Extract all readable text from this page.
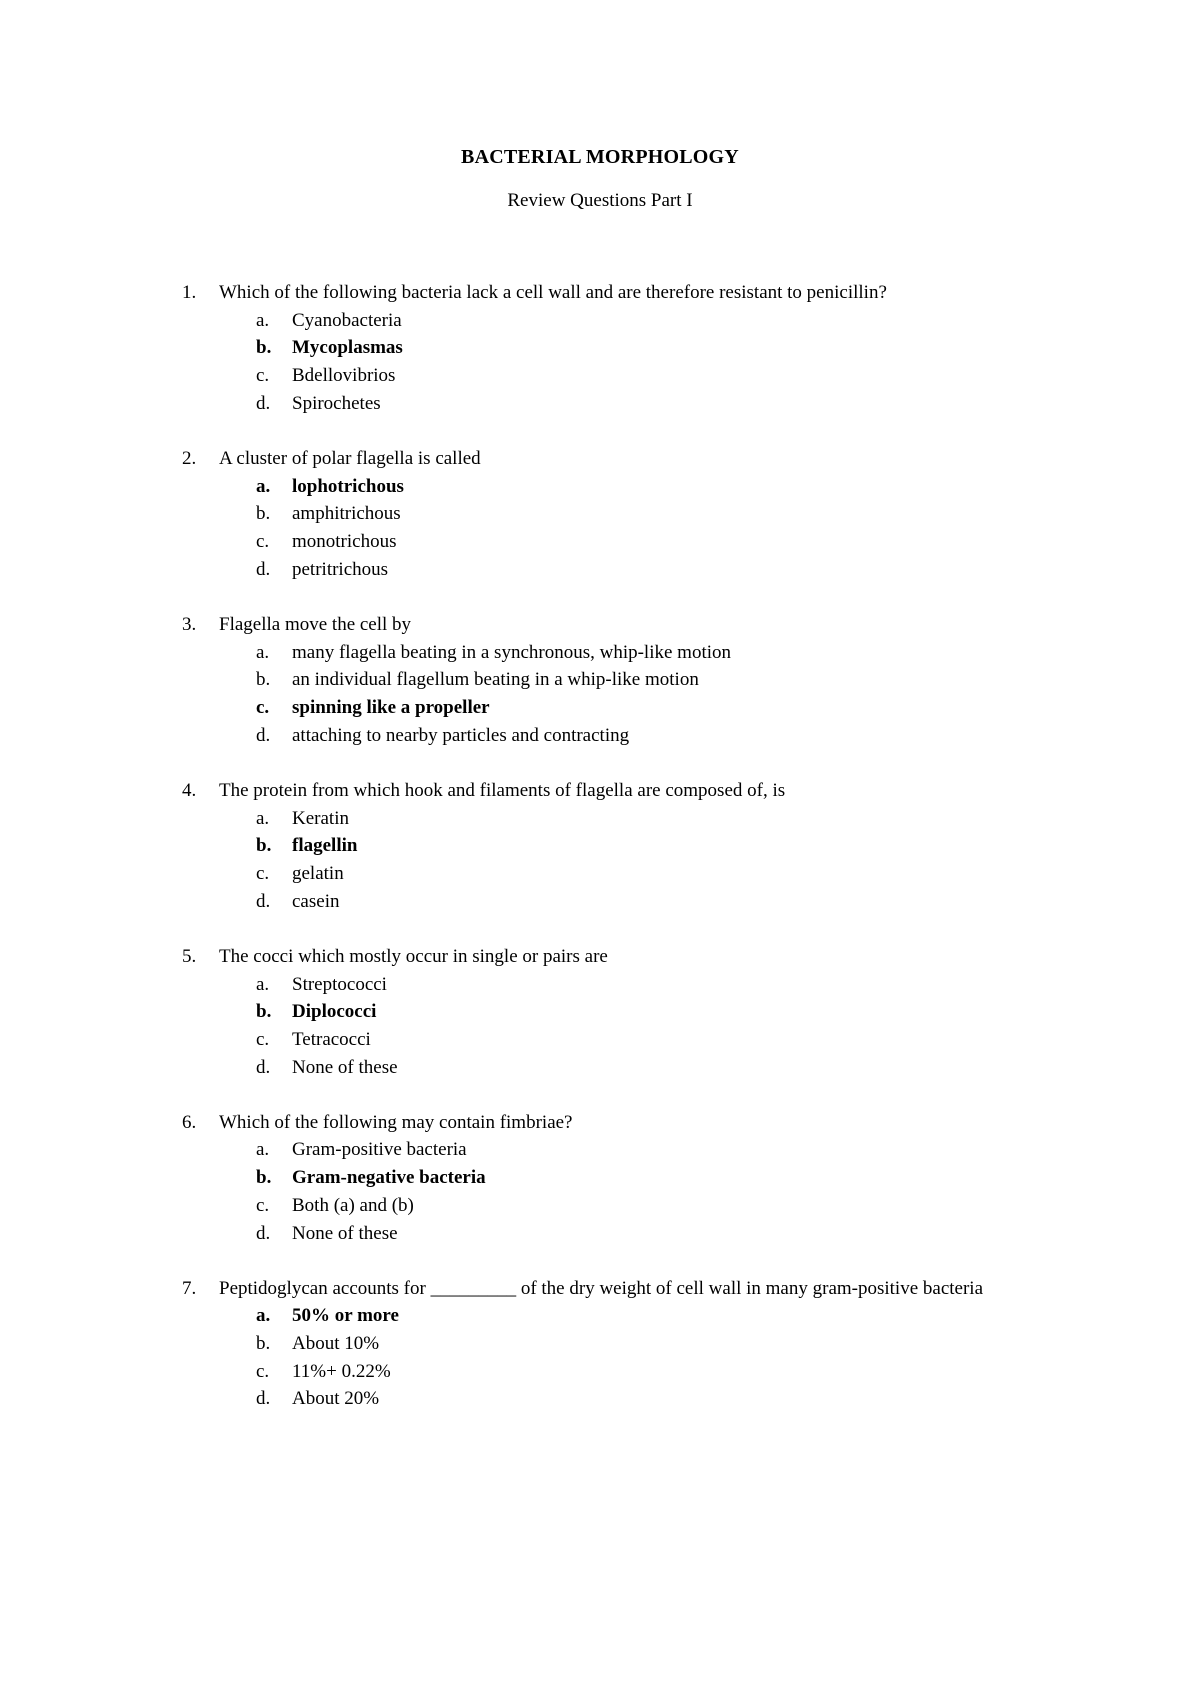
BACTERIAL MORPHOLOGY
Review Questions Part I
1. Which of the following bacteria lack a cell wall and are therefore resistant to penicillin?
a. Cyanobacteria
b. Mycoplasmas
c. Bdellovibrios
d. Spirochetes
2. A cluster of polar flagella is called
a. lophotrichous
b. amphitrichous
c. monotrichous
d. petritrichous
3. Flagella move the cell by
a. many flagella beating in a synchronous, whip-like motion
b. an individual flagellum beating in a whip-like motion
c. spinning like a propeller
d. attaching to nearby particles and contracting
4. The protein from which hook and filaments of flagella are composed of, is
a. Keratin
b. flagellin
c. gelatin
d. casein
5. The cocci which mostly occur in single or pairs are
a. Streptococci
b. Diplococci
c. Tetracocci
d. None of these
6. Which of the following may contain fimbriae?
a. Gram-positive bacteria
b. Gram-negative bacteria
c. Both (a) and (b)
d. None of these
7. Peptidoglycan accounts for _________ of the dry weight of cell wall in many gram-positive bacteria
a. 50% or more
b. About 10%
c. 11%+ 0.22%
d. About 20%
